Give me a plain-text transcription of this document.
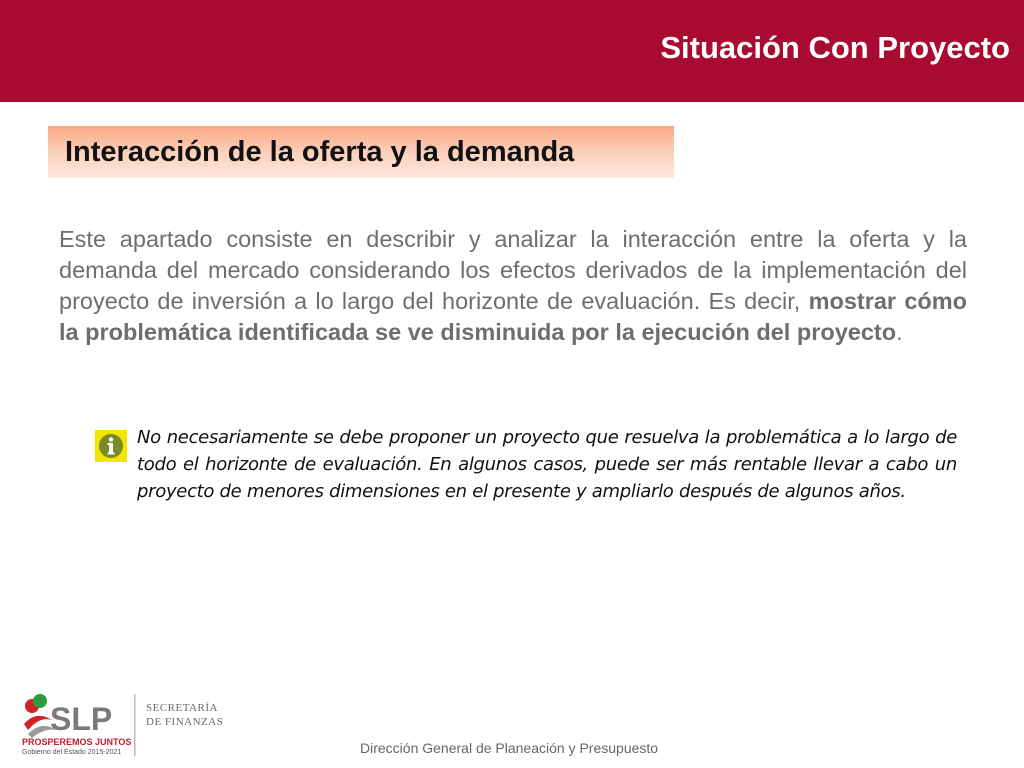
Situación Con Proyecto
Interacción de la oferta y la demanda
Este apartado consiste en describir y analizar la interacción entre la oferta y la demanda del mercado considerando los efectos derivados de la implementación del proyecto de inversión a lo largo del horizonte de evaluación. Es decir, mostrar cómo la problemática identificada se ve disminuida por la ejecución del proyecto.
No necesariamente se debe proponer un proyecto que resuelva la problemática a lo largo de todo el horizonte de evaluación. En algunos casos, puede ser más rentable llevar a cabo un proyecto de menores dimensiones en el presente y ampliarlo después de algunos años.
SLP
PROSPEREMOS JUNTOS
Gobierno del Estado 2015-2021
SECRETARÍA
DE FINANZAS
Dirección General de Planeación y Presupuesto
